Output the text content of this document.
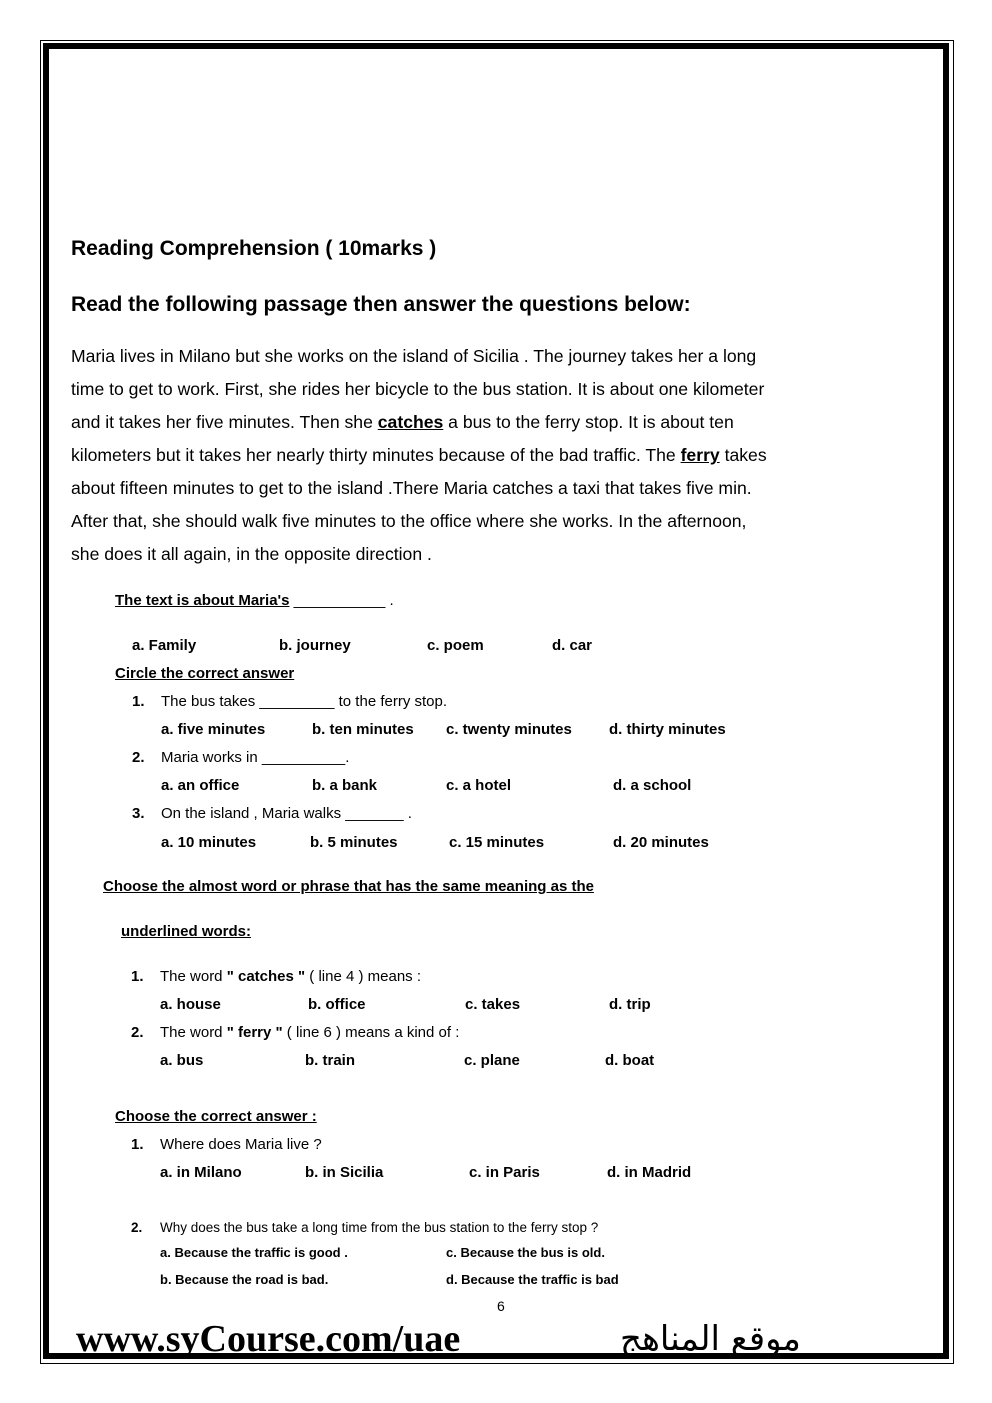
Reading Comprehension ( 10marks )
Read the following passage then answer the questions below:
Maria lives in Milano but she works on the island of Sicilia . The journey takes her a long
time to get to work. First, she rides her bicycle to the bus station. It is about one kilometer
and it takes her five minutes. Then she catches a bus to the ferry stop. It is about ten
kilometers but it takes her nearly thirty minutes because of the bad traffic. The ferry takes
about fifteen minutes to get to the island .There Maria catches a taxi that takes five min.
After that, she should walk five minutes to the office where she works. In the afternoon,
she does it all again, in the opposite direction .
The text is about Maria's ___________ .
a. Family	b. journey	c. poem	d. car
Circle the correct answer
1. The bus takes _________ to the ferry stop.
a. five minutes	b. ten minutes c. twenty minutes d. thirty minutes
2. Maria works in __________.
a. an office	b. a bank	c. a hotel	d. a school
3. On the island , Maria walks _______ .
a. 10 minutes	b. 5 minutes	c. 15 minutes	d. 20 minutes
Choose the almost word or phrase that has the same meaning as the
underlined words:
1. The word " catches " ( line 4 ) means :
a. house	b. office	c. takes	d. trip
2. The word " ferry " ( line 6 ) means a kind of :
a. bus	b. train	c. plane	d. boat
Choose the correct answer :
1. Where does Maria live ?
a. in Milano	b. in Sicilia	c. in Paris	d. in Madrid
2. Why does the bus take a long time from the bus station to the ferry stop ?
a. Because the traffic is good .	c. Because the bus is old.
b. Because the road is bad.	d. Because the traffic is bad
6
www.syCourse.com/uae	موقع المناهج
